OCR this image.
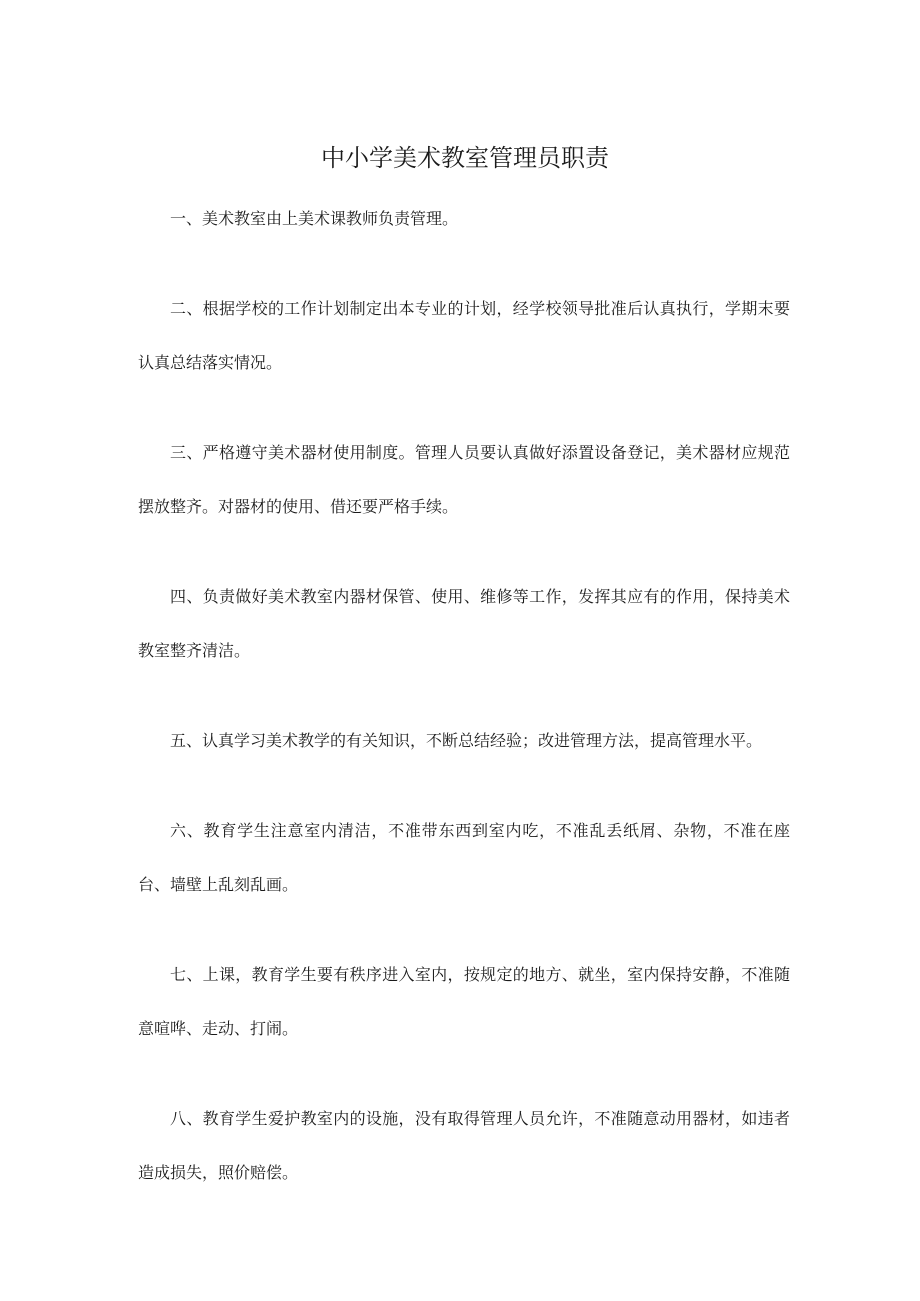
中小学美术教室管理员职责

一、美术教室由上美术课教师负责管理。

二、根据学校的工作计划制定出本专业的计划，经学校领导批准后认真执行，学期末要认真总结落实情况。

三、严格遵守美术器材使用制度。管理人员要认真做好添置设备登记，美术器材应规范摆放整齐。对器材的使用、借还要严格手续。

四、负责做好美术教室内器材保管、使用、维修等工作，发挥其应有的作用，保持美术教室整齐清洁。

五、认真学习美术教学的有关知识，不断总结经验；改进管理方法，提高管理水平。

六、教育学生注意室内清洁，不准带东西到室内吃，不准乱丢纸屑、杂物，不准在座台、墙壁上乱刻乱画。

七、上课，教育学生要有秩序进入室内，按规定的地方、就坐，室内保持安静，不准随意喧哗、走动、打闹。

八、教育学生爱护教室内的设施，没有取得管理人员允许，不准随意动用器材，如违者造成损失，照价赔偿。
